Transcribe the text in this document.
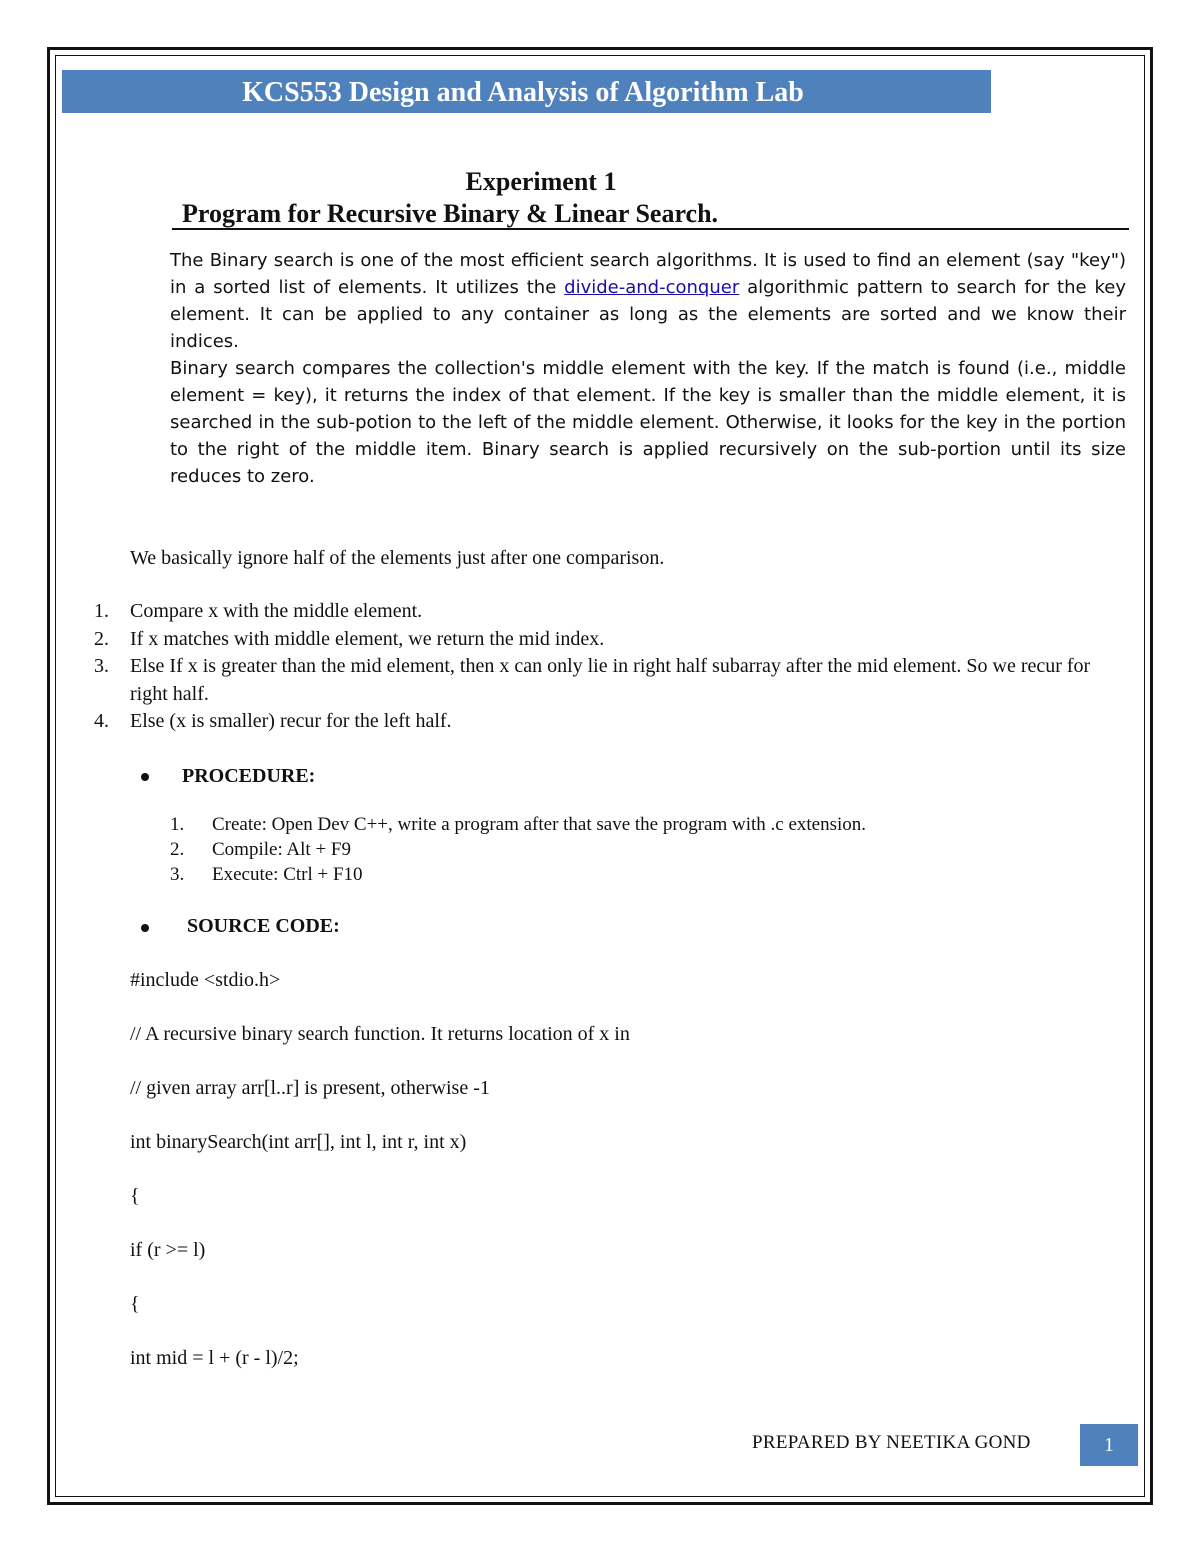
KCS553 Design and Analysis of Algorithm Lab
Experiment 1
Program for Recursive Binary & Linear Search.

The Binary search is one of the most efficient search algorithms. It is used to find an element (say "key") in a sorted list of elements. It utilizes the divide-and-conquer algorithmic pattern to search for the key element. It can be applied to any container as long as the elements are sorted and we know their indices.

Binary search compares the collection's middle element with the key. If the match is found (i.e., middle element = key), it returns the index of that element. If the key is smaller than the middle element, it is searched in the sub-potion to the left of the middle element. Otherwise, it looks for the key in the portion to the right of the middle item. Binary search is applied recursively on the sub-portion until its size reduces to zero.

We basically ignore half of the elements just after one comparison.
1.	Compare x with the middle element.
2.	If x matches with middle element, we return the mid index.
3.	Else If x is greater than the mid element, then x can only lie in right half subarray after the mid element. So we recur for right half.
4.	Else (x is smaller) recur for the left half.
PROCEDURE:
1.	Create: Open Dev C++, write a program after that save the program with .c extension.
2.	Compile: Alt + F9
3.	Execute: Ctrl + F10
SOURCE CODE:
#include <stdio.h>
// A recursive binary search function. It returns location of x in
// given array arr[l..r] is present, otherwise -1
int binarySearch(int arr[], int l, int r, int x)
{
if (r >= l)
{
int mid = l + (r - l)/2;
PREPARED BY NEETIKA GOND	1
